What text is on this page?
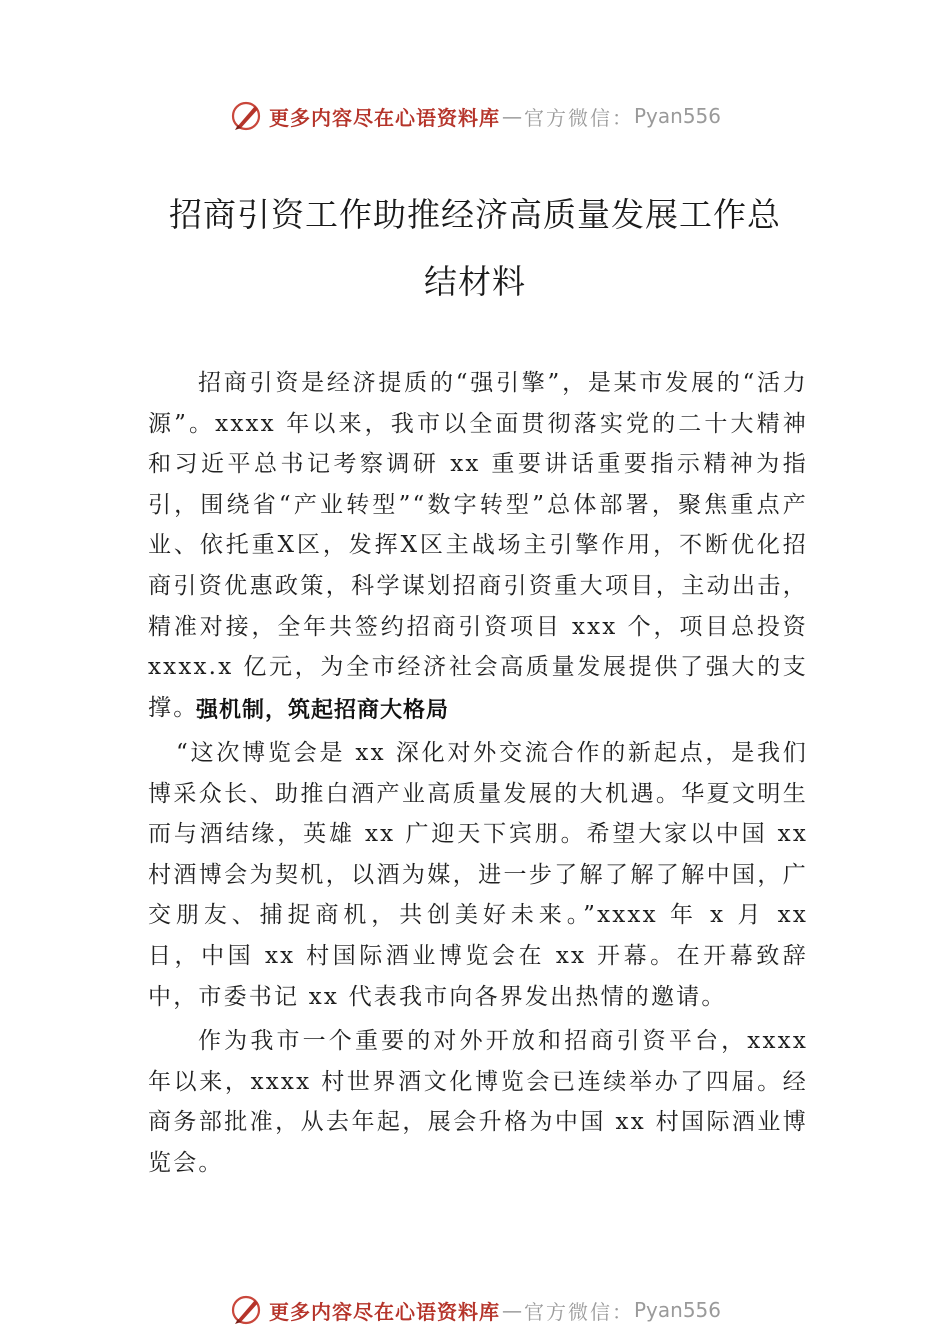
更多内容尽在心语资料库 — 官方微信： Pyan556
招商引资工作助推经济高质量发展工作总
结材料
招商引资是经济提质的“强引擎”，是某市发展的“活力源”。xxxx 年以来，我市以全面贯彻落实党的二十大精神和习近平总书记考察调研 xx 重要讲话重要指示精神为指引，围绕省“产业转型”“数字转型”总体部署，聚焦重点产业、依托重X区，发挥X区主战场主引擎作用，不断优化招商引资优惠政策，科学谋划招商引资重大项目，主动出击， 精准对接，全年共签约招商引资项目 xxx 个，项目总投资 xxxx.x 亿元，为全市经济社会高质量发展提供了强大的支撑。
强机制，筑起招商大格局
“这次博览会是 xx 深化对外交流合作的新起点，是我们博采众长、助推白酒产业高质量发展的大机遇。华夏文明生而与酒结缘，英雄 xx 广迎天下宾朋。希望大家以中国 xx 村酒博会为契机，以酒为媒，进一步了解了解了解中国，广交朋友、捕捉商机，共创美好未来。”xxxx 年 x 月 xx 日，中国 xx 村国际酒业博览会在 xx 开幕。在开幕致辞中，市委书记 xx 代表我市向各界发出热情的邀请。
作为我市一个重要的对外开放和招商引资平台，xxxx 年以来，xxxx 村世界酒文化博览会已连续举办了四届。经商务部批准，从去年起，展会升格为中国 xx 村国际酒业博览会。
更多内容尽在心语资料库 — 官方微信： Pyan556
